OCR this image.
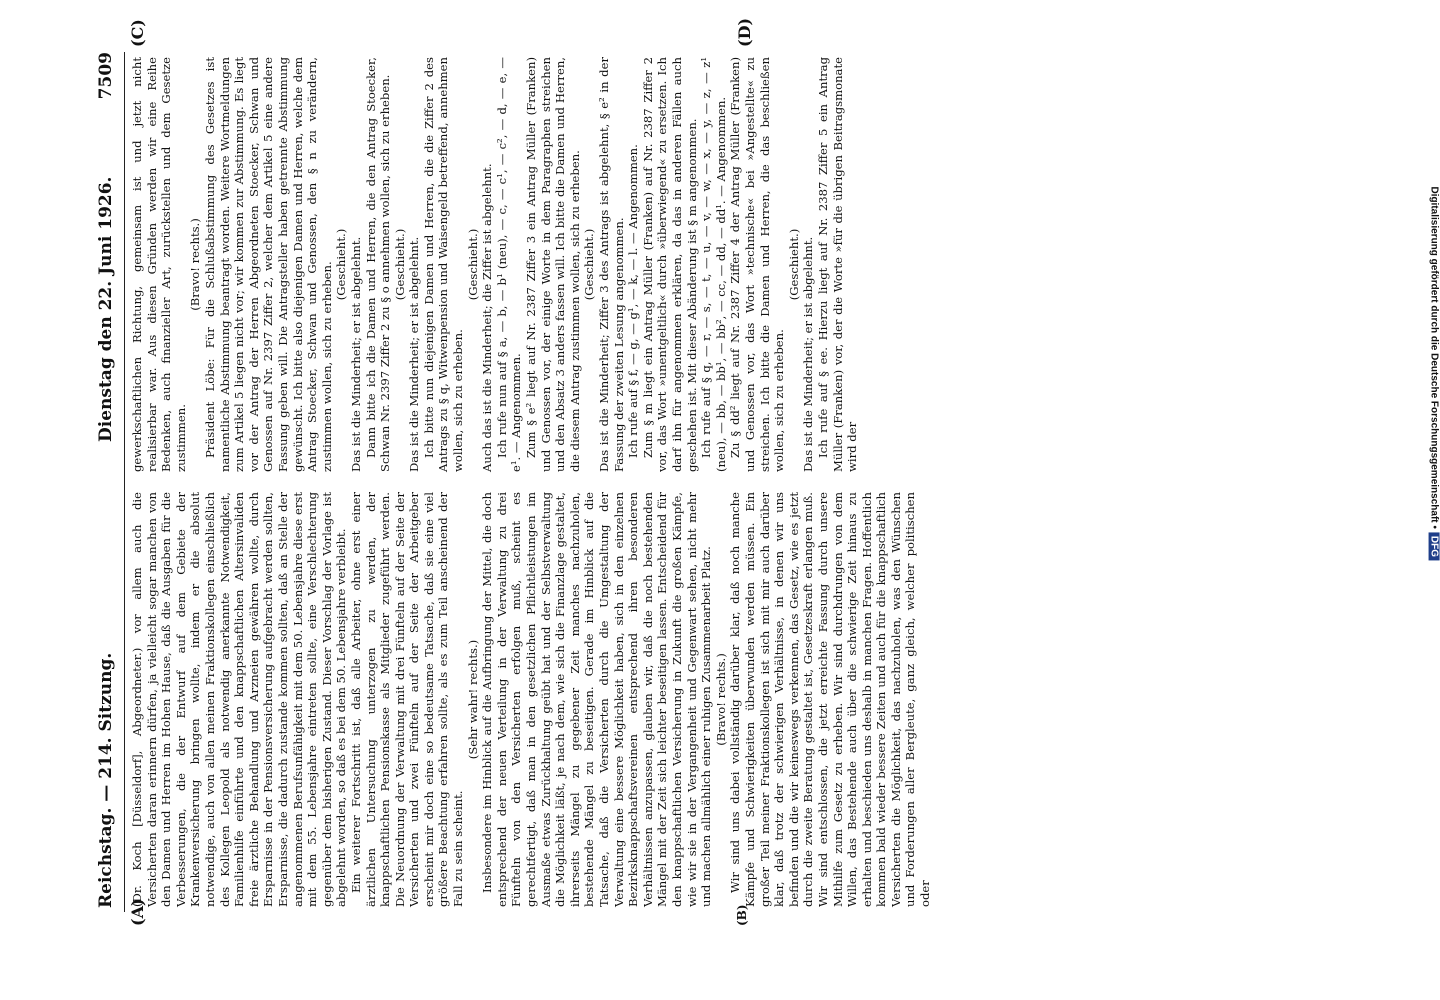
Reichstag. — 214. Sitzung.
Dienstag den 22. Juni 1926.
7509
(A)	(B)
(C)	(D)

(Dr. Koch [Düsseldorf], Abgeordneter.) vor allem auch die Versicherten daran erinnern dürfen, ja vielleicht sogar manchen von den Damen und Herren im Hohen Hause, daß die Ausgaben für die Verbesserungen, die der Entwurf auf dem Gebiete der Krankenversicherung bringen wollte, indem er die absolut notwendige, auch von allen meinen Fraktionskollegen einschließlich des Kollegen Leopold als notwendig anerkannte Notwendigkeit, Familienhilfe einführte und den knappschaftlichen Altersinvaliden freie ärztliche Behandlung und Arzneien gewähren wollte, durch Ersparnisse in der Pensionsversicherung aufgebracht werden sollten, Ersparnisse, die dadurch zustande kommen sollten, daß an Stelle der angenommenen Berufsunfähigkeit mit dem 50. Lebensjahre diese erst mit dem 55. Lebensjahre eintreten sollte, eine Verschlechterung gegenüber dem bisherigen Zustand. Dieser Vorschlag der Vorlage ist abgelehnt worden, so daß es bei dem 50. Lebensjahre verbleibt. Ein weiterer Fortschritt ist, daß alle Arbeiter, ohne erst einer ärztlichen Untersuchung unterzogen zu werden, der knappschaftlichen Pensionskasse als Mitglieder zugeführt werden. Die Neuordnung der Verwaltung mit drei Fünfteln auf der Seite der Versicherten und zwei Fünfteln auf der Seite der Arbeitgeber erscheint mir doch eine so bedeutsame Tatsache, daß sie eine viel größere Beachtung erfahren sollte, als es zum Teil anscheinend der Fall zu sein scheint.

(Sehr wahr! rechts.) Insbesondere im Hinblick auf die Aufbringung der Mittel, die doch entsprechend der neuen Verteilung in der Verwaltung zu drei Fünfteln von den Versicherten erfolgen muß, scheint es gerechtfertigt, daß man in den gesetzlichen Pflichtleistungen im Ausmaße etwas Zurückhaltung geübt hat und der Selbstverwaltung die Möglichkeit läßt, je nach dem, wie sich die Finanzlage gestaltet, ihrerseits Mängel zu gegebener Zeit manches nachzuholen, bestehende Mängel zu beseitigen. Gerade im Hinblick auf die Tatsache, daß die Versicherten durch die Umgestaltung der Verwaltung eine bessere Möglichkeit haben, sich in den einzelnen Bezirksknappschaftsvereinen entsprechend ihren besonderen Verhältnissen anzupassen, glauben wir, daß die noch bestehenden Mängel mit der Zeit sich leichter beseitigen lassen. Entscheidend für den knappschaftlichen Versicherung in Zukunft die großen Kämpfe, wie wir sie in der Vergangenheit und Gegenwart sehen, nicht mehr und machen allmählich einer ruhigen Zusammenarbeit Platz. (Bravo! rechts.) Wir sind uns dabei vollständig darüber klar, daß noch manche Kämpfe und Schwierigkeiten überwunden werden müssen. Ein großer Teil meiner Fraktionskollegen ist sich mit mir auch darüber klar, daß trotz der schwierigen Verhältnisse, in denen wir uns befinden und die wir keineswegs verkennen, das Gesetz, wie es jetzt durch die zweite Beratung gestaltet ist, Gesetzeskraft erlangen muß. Wir sind entschlossen, die jetzt erreichte Fassung durch unsere Mithilfe zum Gesetz zu erheben. Wir sind durchdrungen von dem Willen, das Bestehende auch über die schwierige Zeit hinaus zu erhalten und beschieden uns deshalb in manchen Fragen. Hoffentlich kommen bald wieder bessere Zeiten und auch für die knappschaftlich Versicherten die Möglichkeit, das nachzuholen, was den Wünschen und Forderungen aller Bergleute, ganz gleich, welcher politischen oder

gewerkschaftlichen Richtung, gemeinsam ist und jetzt nicht realisierbar war. Aus diesen Gründen werden wir eine Reihe Bedenken, auch finanzieller Art, zurückstellen und dem Gesetze zustimmen.

(Bravo! rechts.) Präsident Löbe: Für die Schlußabstimmung des Gesetzes ist namentliche Abstimmung beantragt worden. Weitere Wortmeldungen zum Artikel 5 liegen nicht vor; wir kommen zur Abstimmung. Es liegt vor der Antrag der Herren Abgeordneten Stoecker, Schwan und Genossen auf Nr. 2397 Ziffer 2, welcher dem Artikel 5 eine andere Fassung geben will. Die Antragsteller haben getrennte Abstimmung gewünscht. Ich bitte also diejenigen Damen und Herren, welche dem Antrag Stoecker, Schwan und Genossen, den § n zu verändern, zustimmen wollen, sich zu erheben. (Geschieht.) Das ist die Minderheit; er ist abgelehnt. Dann bitte ich die Damen und Herren, die den Antrag Stoecker, Schwan Nr. 2397 Ziffer 2 zu § o annehmen wollen, sich zu erheben. (Geschieht.) Das ist die Minderheit; er ist abgelehnt. Ich bitte nun diejenigen Damen und Herren, die die Ziffer 2 des Antrags zu § q, Witwenpension und Waisengeld betreffend, annehmen wollen, sich zu erheben.

(Geschieht.) Auch das ist die Minderheit; die Ziffer ist abgelehnt. Ich rufe nun auf § a, — b, — b¹ (neu), — c, — c¹, — c², — d, — e, — e¹. — Angenommen. Zum § e² liegt auf Nr. 2387 Ziffer 3 ein Antrag Müller (Franken) und Genossen vor, der einige Worte in dem Paragraphen streichen und den Absatz 3 anders fassen will. Ich bitte die Damen und Herren, die diesem Antrag zustimmen wollen, sich zu erheben. (Geschieht.) Das ist die Minderheit; Ziffer 3 des Antrags ist abgelehnt, § e² in der Fassung der zweiten Lesung angenommen. Ich rufe auf § f, — g, — g¹, — k, — l. — Angenommen. Zum § m liegt ein Antrag Müller (Franken) auf Nr. 2387 Ziffer 2 vor, das Wort »unentgeltlich« durch »überwiegend« zu ersetzen. Ich darf ihn für angenommen erklären, da das in anderen Fällen auch geschehen ist. Mit dieser Abänderung ist § m angenommen. Ich rufe auf § q, — r, — s, — t, — u, — v, — w, — x, — y, — z, — z¹ (neu), — bb, — bb¹, — bb², — cc, — dd, — dd¹. — Angenommen. Zu § dd² liegt auf Nr. 2387 Ziffer 4 der Antrag Müller (Franken) und Genossen vor, das Wort »technische« bei »Angestellte« zu streichen. Ich bitte die Damen und Herren, die das beschließen wollen, sich zu erheben.

(Geschieht.) Das ist die Minderheit; er ist abgelehnt. Ich rufe auf § ee. Hierzu liegt auf Nr. 2387 Ziffer 5 ein Antrag Müller (Franken) vor, der die Worte »für die übrigen Beitragsmonate wird der	Digitalisierung gefördert durch die Deutsche Forschungsgemeinschaft •DFG
